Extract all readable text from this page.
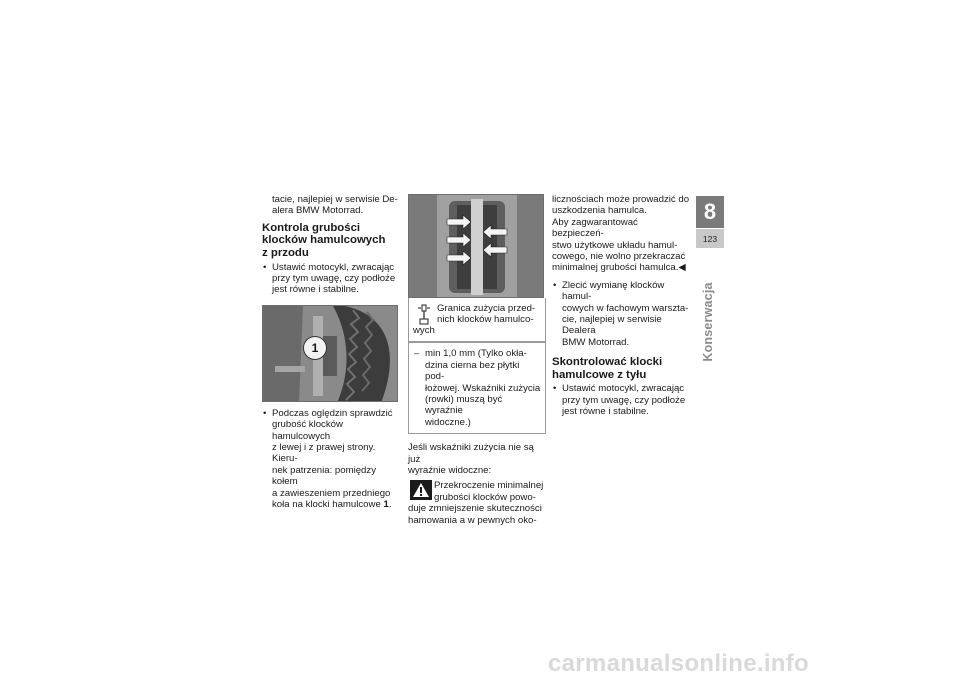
tacie, najlepiej w serwisie De-

alera BMW Motorrad.

Kontrola grubości
klocków hamulcowych
z przodu
• Ustawić motocykl, zwracając
przy tym uwagę, czy podłoże
jest równe i stabilne.
1
• Podczas oględzin sprawdzić
grubość klocków hamulcowych
z lewej i z prawej strony. Kieru-
nek patrzenia: pomiędzy kołem
a zawieszeniem przedniego
koła na klocki hamulcowe 1.
Granica zużycia przed-
nich klocków hamulco-

wych

– min 1,0 mm (Tylko okła-
dzina cierna bez płytki pod-
łożowej. Wskaźniki zużycia
(rowki) muszą być wyraźnie
widoczne.)

Jeśli wskaźniki zużycia nie są już

wyraźnie widoczne:

Przekroczenie minimalnej
grubości klocków powo-

duje zmniejszenie skuteczności

hamowania a w pewnych oko-

licznościach może prowadzić do

uszkodzenia hamulca.

Aby zagwarantować bezpieczeń-

stwo użytkowe układu hamul-

cowego, nie wolno przekraczać

minimalnej grubości hamulca.◀

• Zlecić wymianę klocków hamul-
cowych w fachowym warszta-
cie, najlepiej w serwisie Dealera
BMW Motorrad.
Skontrolować klocki
hamulcowe z tyłu
• Ustawić motocykl, zwracając
przy tym uwagę, czy podłoże
jest równe i stabilne.
8
123
Konserwacja
carmanualsonline.info
